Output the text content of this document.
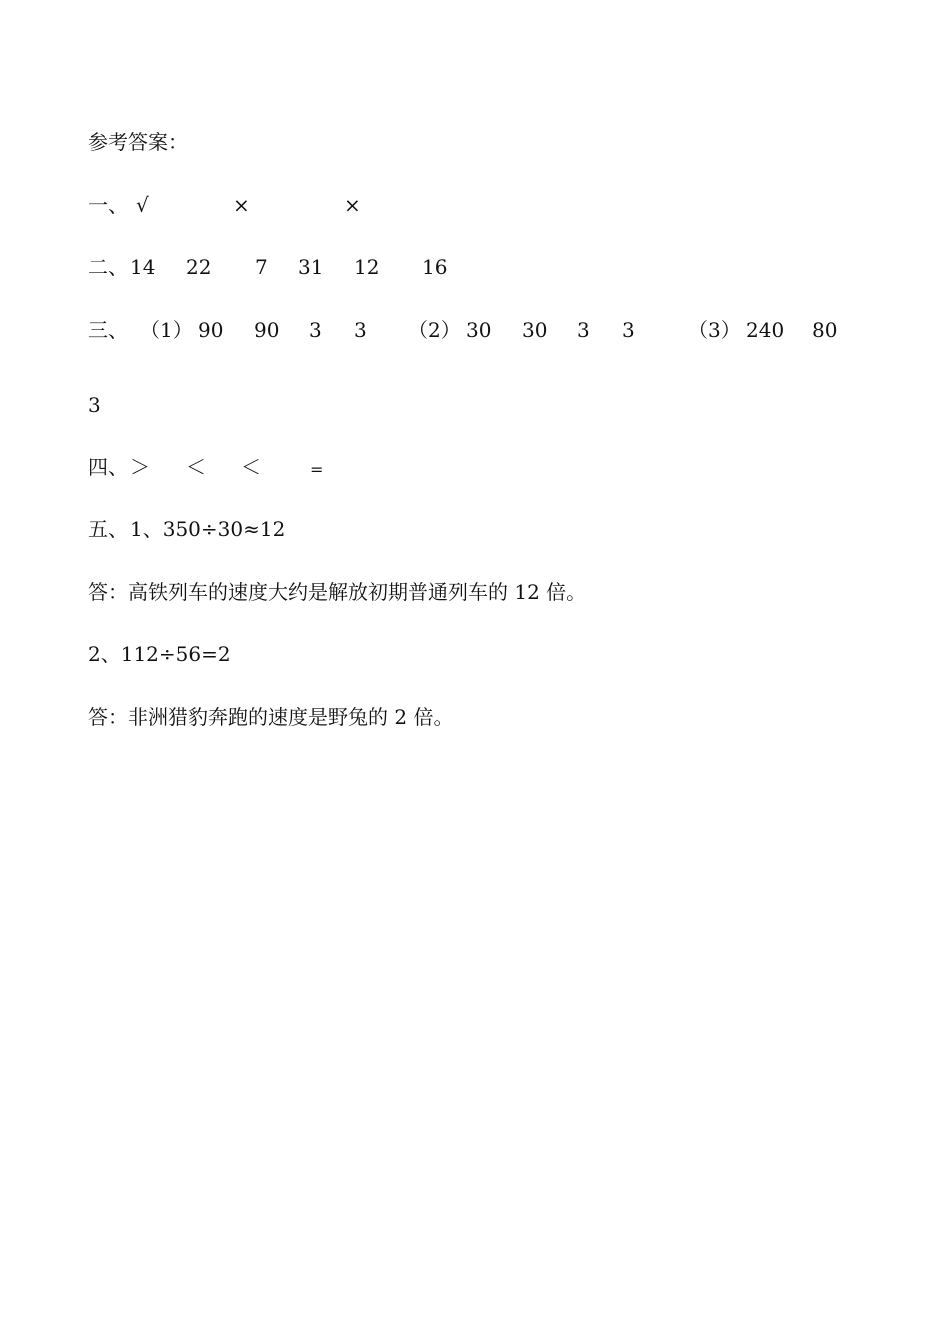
参考答案：
一、 √	×	×
二、 14 22 7 31 12 16
三、 （1） 90 90 3 3 （2） 30 30 3 3	（3） 240 80
3
四、 ＞ ＜ ＜	=
五、 1、350÷30≈12
答：高铁列车的速度大约是解放初期普通列车的 12 倍。
2、112÷56=2
答：非洲猎豹奔跑的速度是野兔的 2 倍。
